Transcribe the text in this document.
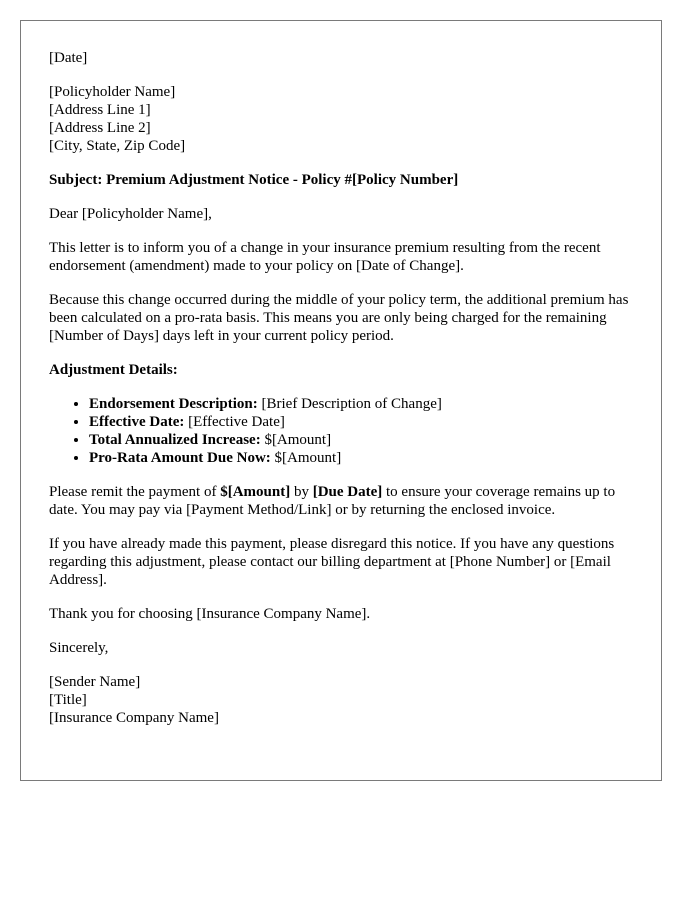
[Date]

[Policyholder Name]

[Address Line 1]

[Address Line 2]

[City, State, Zip Code]

Subject: Premium Adjustment Notice - Policy #[Policy Number]

Dear [Policyholder Name],

This letter is to inform you of a change in your insurance premium resulting from the recent endorsement (amendment) made to your policy on [Date of Change].

Because this change occurred during the middle of your policy term, the additional premium has been calculated on a pro-rata basis. This means you are only being charged for the remaining [Number of Days] days left in your current policy period.

Adjustment Details:

• Endorsement Description: [Brief Description of Change]
• Effective Date: [Effective Date]
• Total Annualized Increase: $[Amount]
• Pro-Rata Amount Due Now: $[Amount]

Please remit the payment of $[Amount] by [Due Date] to ensure your coverage remains up to date. You may pay via [Payment Method/Link] or by returning the enclosed invoice.

If you have already made this payment, please disregard this notice. If you have any questions regarding this adjustment, please contact our billing department at [Phone Number] or [Email Address].

Thank you for choosing [Insurance Company Name].

Sincerely,

[Sender Name]

[Title]

[Insurance Company Name]
